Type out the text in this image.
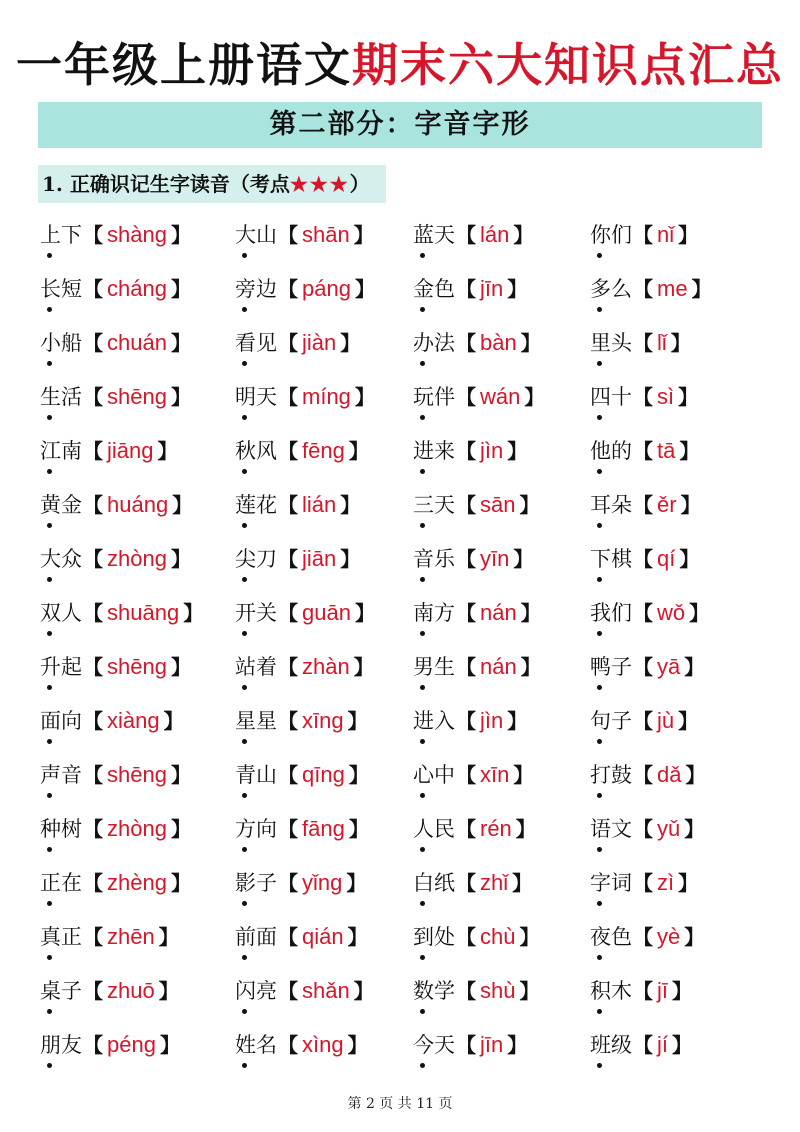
一年级上册语文期末六大知识点汇总
第二部分：字音字形
1. 正确识记生字读音（考点★★★）
上下【 shàng 】 大山【 shān 】 蓝天【 lán 】	你们【 nǐ 】
长短【 cháng 】 旁边【 páng 】 金色【 jīn 】	多么【 me 】
小船【 chuán 】 看见【 jiàn 】	办法【 bàn 】 里头【 lǐ 】
生活【 shēng 】 明天【 míng 】 玩伴【 wán 】 四十【 sì 】
江南【 jiāng 】	秋风【 fēng 】 进来【 jìn 】	他的【 tā 】
黄金【 huáng 】 莲花【 lián 】	三天【 sān 】 耳朵【 ěr 】
大众【 zhòng 】 尖刀【 jiān 】	音乐【 yīn 】	下棋【 qí 】
双人【 shuāng 】 开关【 guān 】 南方【 nán 】 我们【 wǒ 】
升起【 shēng 】 站着【 zhàn 】 男生【 nán 】 鸭子【 yā 】
面向【 xiàng 】 星星【 xīng 】 进入【 jìn 】	句子【 jù 】
声音【 shēng 】 青山【 qīng 】 心中【 xīn 】	打鼓【 dǎ 】
种树【 zhòng 】 方向【 fāng 】 人民【 rén 】	语文【 yǔ 】
正在【 zhèng 】 影子【 yǐng 】 白纸【 zhǐ 】	字词【 zì 】
真正【 zhēn 】	前面【 qián 】 到处【 chù 】 夜色【 yè 】
桌子【 zhuō 】	闪亮【 shǎn 】 数学【 shù 】 积木【 jī 】
朋友【 péng 】	姓名【 xìng 】 今天【 jīn 】	班级【 jí 】
第 2 页 共 11 页
